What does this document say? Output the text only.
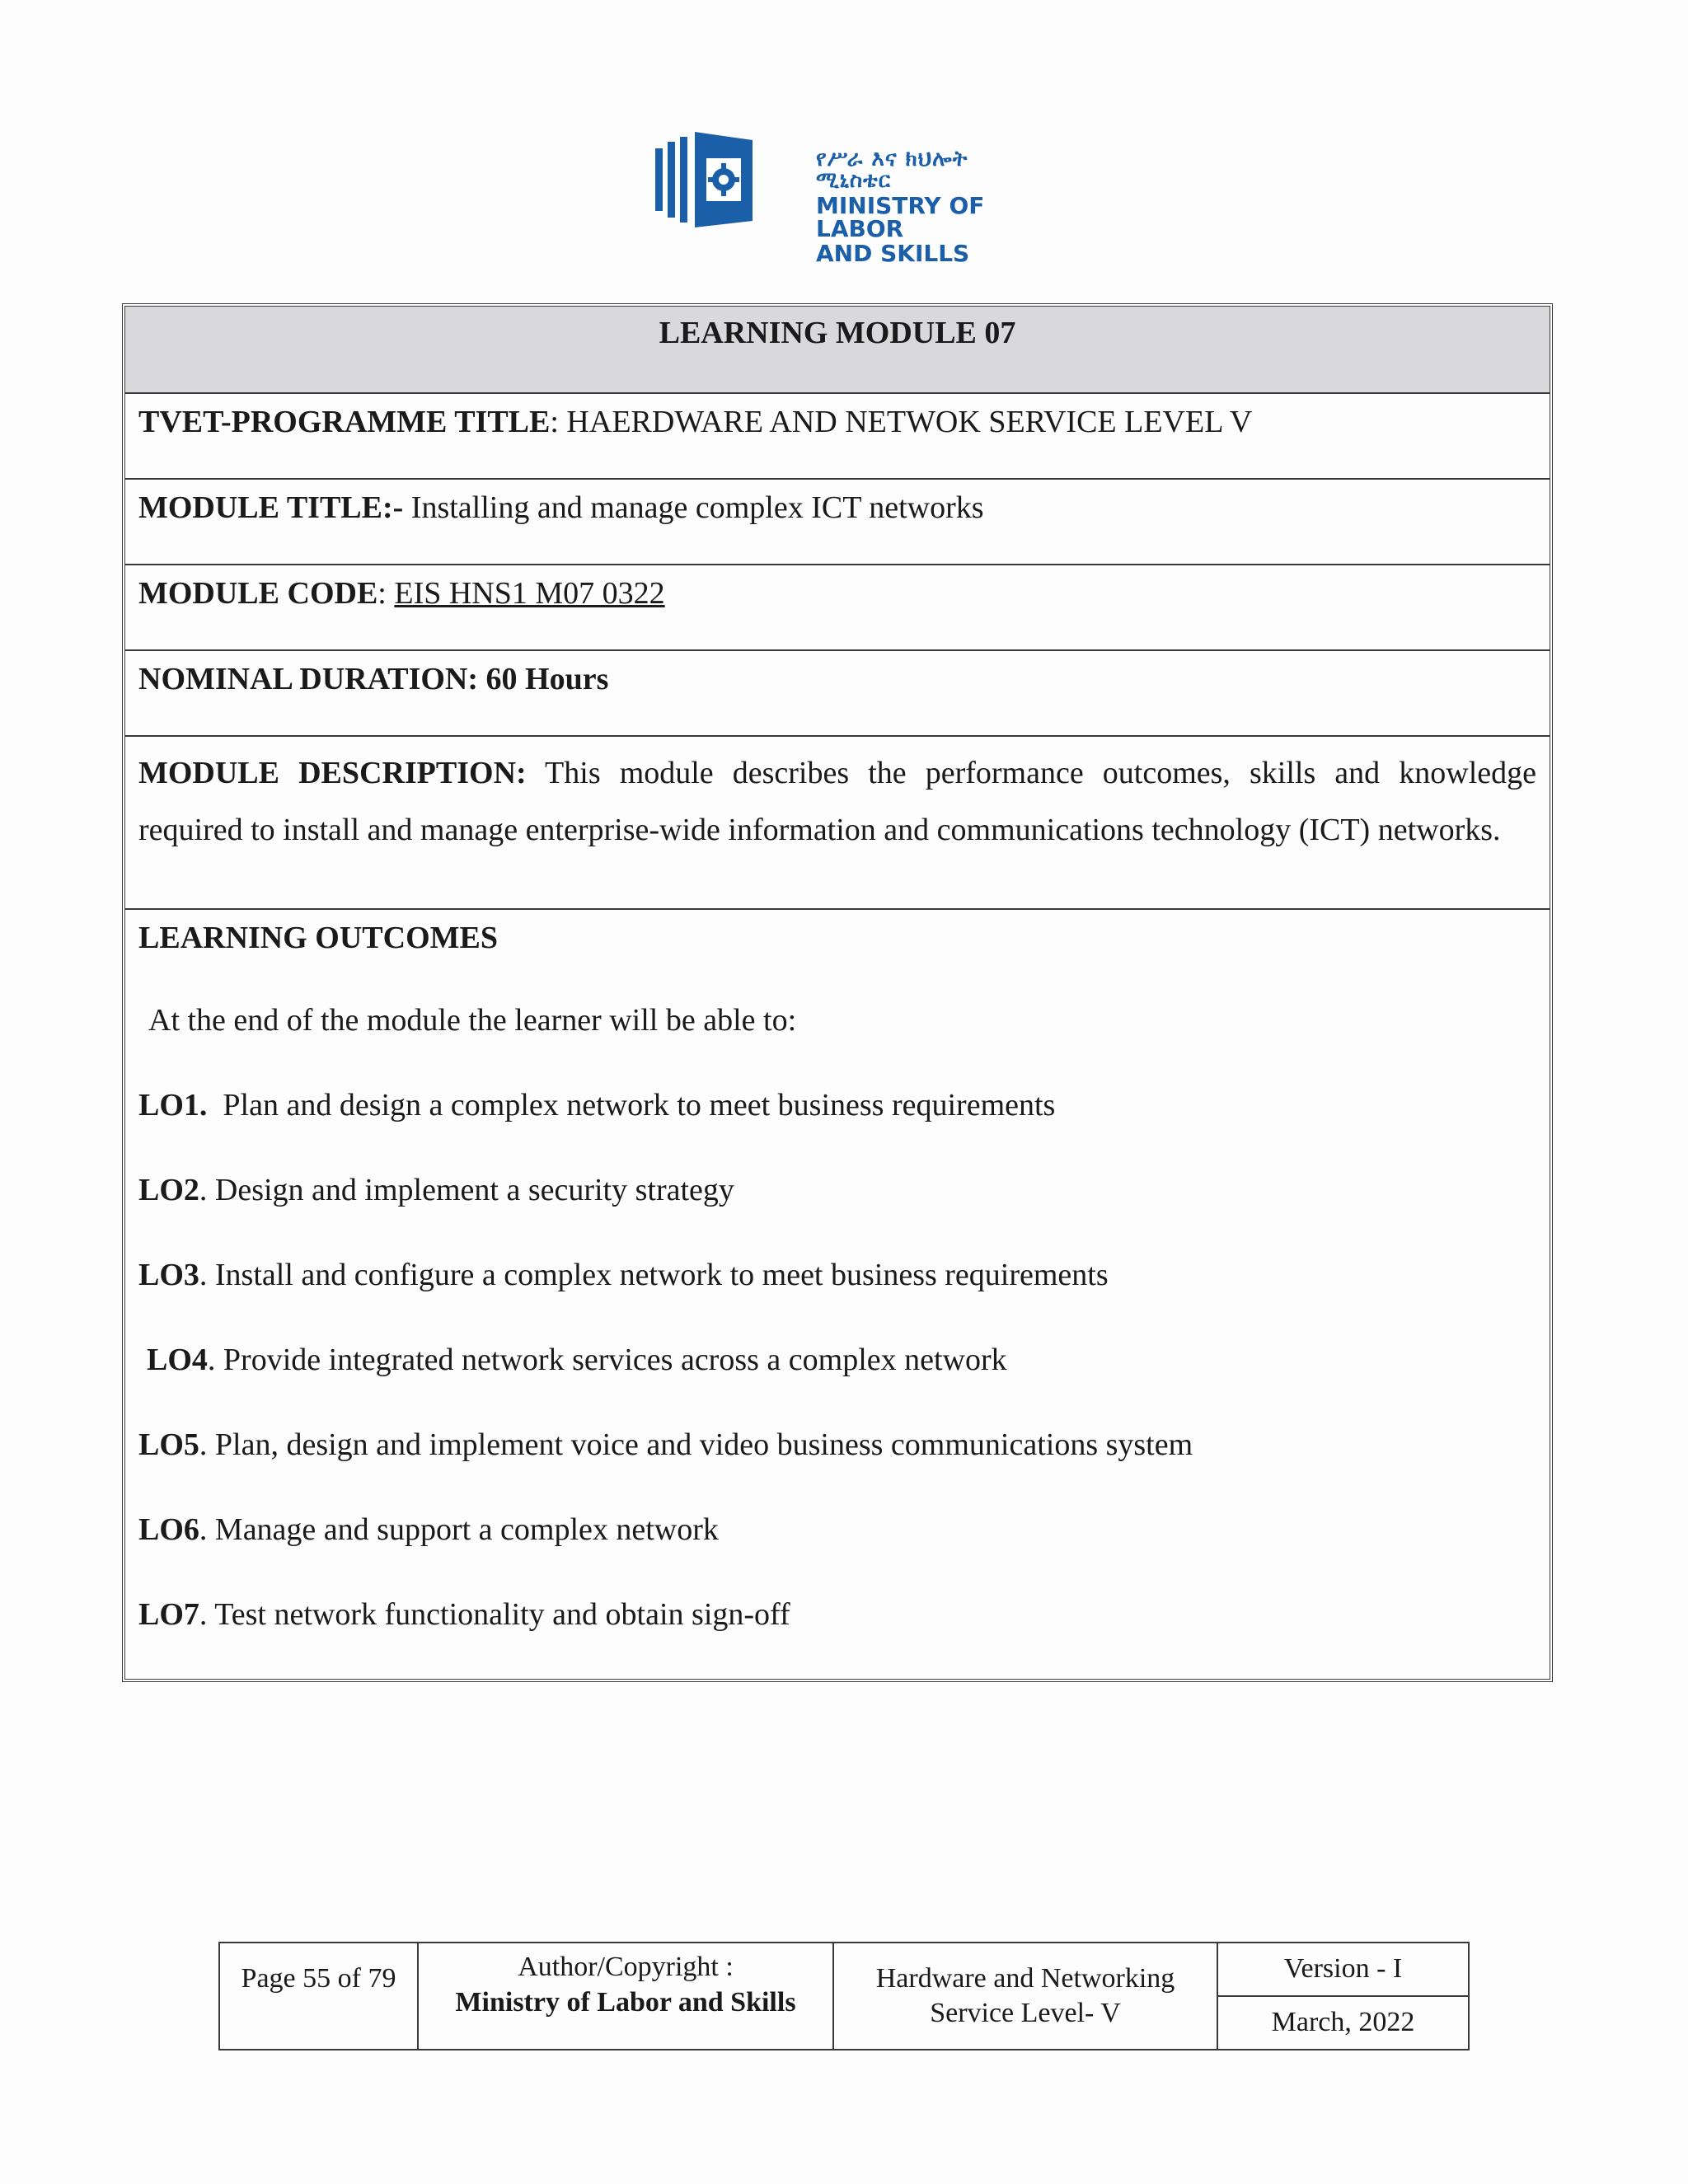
የሥራ እና ክህሎት ሚኒስቴር
MINISTRY OF LABOR
AND SKILLS
LEARNING MODULE 07
TVET-PROGRAMME TITLE: HAERDWARE AND NETWOK SERVICE LEVEL V
MODULE TITLE:- Installing and manage complex ICT networks
MODULE CODE: EIS HNS1 M07 0322
NOMINAL DURATION: 60 Hours
MODULE DESCRIPTION: This module describes the performance outcomes, skills and knowledge required to install and manage enterprise-wide information and communications technology (ICT) networks.
LEARNING OUTCOMES
At the end of the module the learner will be able to:
LO1.  Plan and design a complex network to meet business requirements
LO2. Design and implement a security strategy
LO3. Install and configure a complex network to meet business requirements
LO4. Provide integrated network services across a complex network
LO5. Plan, design and implement voice and video business communications system
LO6. Manage and support a complex network
LO7. Test network functionality and obtain sign-off
Page 55 of 79	Author/Copyright :
Ministry of Labor and Skills
Hardware and Networking
Service Level- V
Version - I
March, 2022
